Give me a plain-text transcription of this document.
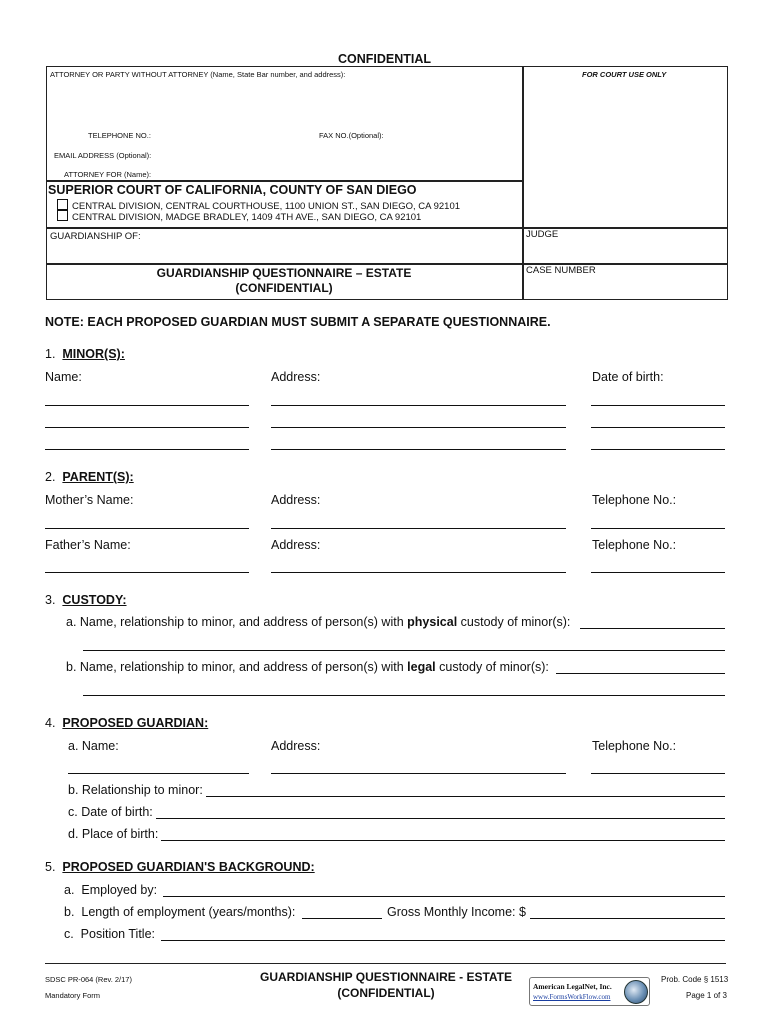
CONFIDENTIAL
ATTORNEY OR PARTY WITHOUT ATTORNEY (Name, State Bar number, and address):	FOR COURT USE ONLY
TELEPHONE NO.:	FAX NO.(Optional):
EMAIL ADDRESS (Optional):
ATTORNEY FOR (Name):
SUPERIOR COURT OF CALIFORNIA, COUNTY OF SAN DIEGO
CENTRAL DIVISION, CENTRAL COURTHOUSE, 1100 UNION ST., SAN DIEGO, CA 92101
CENTRAL DIVISION, MADGE BRADLEY, 1409 4TH AVE., SAN DIEGO, CA 92101
GUARDIANSHIP OF:	JUDGE
GUARDIANSHIP QUESTIONNAIRE – ESTATE
(CONFIDENTIAL)
CASE NUMBER
NOTE: EACH PROPOSED GUARDIAN MUST SUBMIT A SEPARATE QUESTIONNAIRE.
1. MINOR(S):
Name:	Address:	Date of birth:
2. PARENT(S):
Mother’s Name:	Address:	Telephone No.:
Father’s Name:	Address:	Telephone No.:
3. CUSTODY:
a. Name, relationship to minor, and address of person(s) with physical custody of minor(s):
b. Name, relationship to minor, and address of person(s) with legal custody of minor(s):
4. PROPOSED GUARDIAN:
a. Name:	Address:	Telephone No.:
b. Relationship to minor:
c. Date of birth:
d. Place of birth:
5. PROPOSED GUARDIAN'S BACKGROUND:
a.  Employed by:
b.  Length of employment (years/months):	Gross Monthly Income: $
c.  Position Title:
SDSC PR-064 (Rev. 2/17)
Mandatory Form
GUARDIANSHIP QUESTIONNAIRE - ESTATE
(CONFIDENTIAL)	American LegalNet, Inc.
www.FormsWorkFlow.com
Prob. Code § 1513
Page 1 of 3
